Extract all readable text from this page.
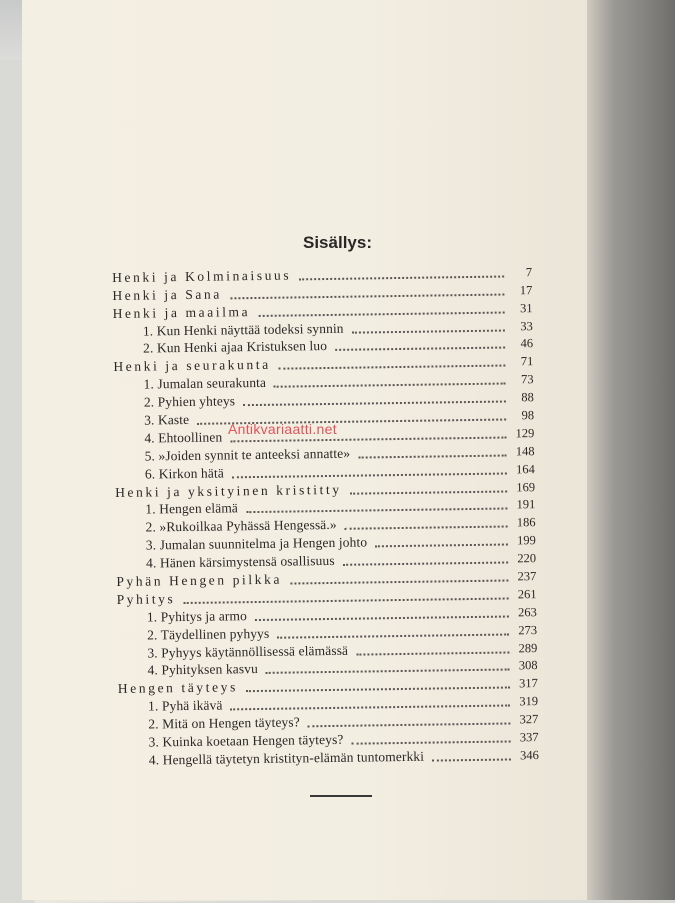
Sisällys:
Henki ja Kolminaisuus	7
Henki ja Sana	17
Henki ja maailma	31
1. Kun Henki näyttää todeksi synnin	33
2. Kun Henki ajaa Kristuksen luo	46
Henki ja seurakunta	71
1. Jumalan seurakunta	73
2. Pyhien yhteys	88
3. Kaste	98
4. Ehtoollinen	129
5. »Joiden synnit te anteeksi annatte»	148
6. Kirkon hätä	164
Henki ja yksityinen kristitty	169
1. Hengen elämä	191
2. »Rukoilkaa Pyhässä Hengessä.»	186
3. Jumalan suunnitelma ja Hengen johto	199
4. Hänen kärsimystensä osallisuus	220
Pyhän Hengen pilkka	237
Pyhitys	261
1. Pyhitys ja armo	263
2. Täydellinen pyhyys	273
3. Pyhyys käytännöllisessä elämässä	289
4. Pyhityksen kasvu	308
Hengen täyteys	317
1. Pyhä ikävä	319
2. Mitä on Hengen täyteys?	327
3. Kuinka koetaan Hengen täyteys?	337
4. Hengellä täytetyn kristityn-elämän tuntomerkki	346
Antikvariaatti.net
